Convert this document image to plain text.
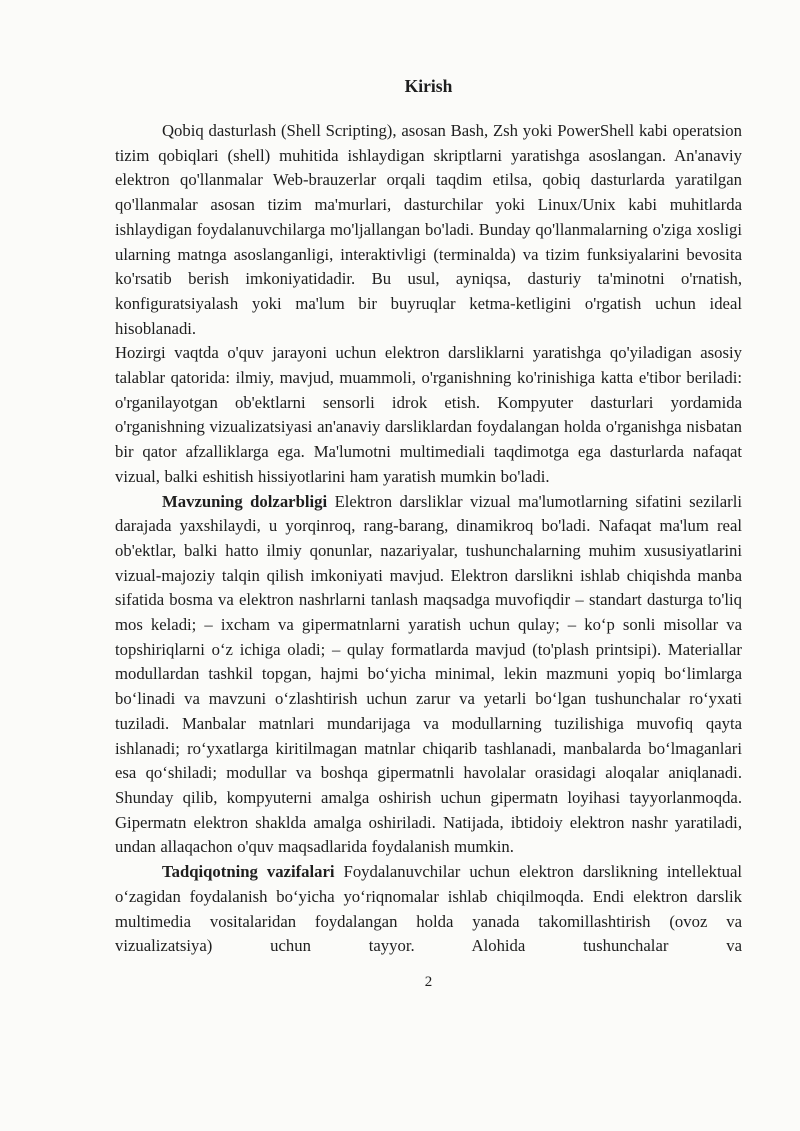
Kirish

Qobiq dasturlash (Shell Scripting), asosan Bash, Zsh yoki PowerShell kabi operatsion tizim qobiqlari (shell) muhitida ishlaydigan skriptlarni yaratishga asoslangan. An'anaviy elektron qo'llanmalar Web-brauzerlar orqali taqdim etilsa, qobiq dasturlarda yaratilgan qo'llanmalar asosan tizim ma'murlari, dasturchilar yoki Linux/Unix kabi muhitlarda ishlaydigan foydalanuvchilarga mo'ljallangan bo'ladi. Bunday qo'llanmalarning o'ziga xosligi ularning matnga asoslanganligi, interaktivligi (terminalda) va tizim funksiyalarini bevosita ko'rsatib berish imkoniyatidadir. Bu usul, ayniqsa, dasturiy ta'minotni o'rnatish, konfiguratsiyalash yoki ma'lum bir buyruqlar ketma-ketligini o'rgatish uchun ideal hisoblanadi.

Hozirgi vaqtda o'quv jarayoni uchun elektron darsliklarni yaratishga qo'yiladigan asosiy talablar qatorida: ilmiy, mavjud, muammoli, o'rganishning ko'rinishiga katta e'tibor beriladi: o'rganilayotgan ob'ektlarni sensorli idrok etish. Kompyuter dasturlari yordamida o'rganishning vizualizatsiyasi an'anaviy darsliklardan foydalangan holda o'rganishga nisbatan bir qator afzalliklarga ega. Ma'lumotni multimediali taqdimotga ega dasturlarda nafaqat vizual, balki eshitish hissiyotlarini ham yaratish mumkin bo'ladi.

Mavzuning dolzarbligi Elektron darsliklar vizual ma'lumotlarning sifatini sezilarli darajada yaxshilaydi, u yorqinroq, rang-barang, dinamikroq bo'ladi. Nafaqat ma'lum real ob'ektlar, balki hatto ilmiy qonunlar, nazariyalar, tushunchalarning muhim xususiyatlarini vizual-majoziy talqin qilish imkoniyati mavjud. Elektron darslikni ishlab chiqishda manba sifatida bosma va elektron nashrlarni tanlash maqsadga muvofiqdir – standart dasturga to'liq mos keladi; – ixcham va gipermatnlarni yaratish uchun qulay; – ko‘p sonli misollar va topshiriqlarni o‘z ichiga oladi; – qulay formatlarda mavjud (to'plash printsipi). Materiallar modullardan tashkil topgan, hajmi bo‘yicha minimal, lekin mazmuni yopiq bo‘limlarga bo‘linadi va mavzuni o‘zlashtirish uchun zarur va yetarli bo‘lgan tushunchalar ro‘yxati tuziladi. Manbalar matnlari mundarijaga va modullarning tuzilishiga muvofiq qayta ishlanadi; ro‘yxatlarga kiritilmagan matnlar chiqarib tashlanadi, manbalarda bo‘lmaganlari esa qo‘shiladi; modullar va boshqa gipermatnli havolalar orasidagi aloqalar aniqlanadi. Shunday qilib, kompyuterni amalga oshirish uchun gipermatn loyihasi tayyorlanmoqda. Gipermatn elektron shaklda amalga oshiriladi. Natijada, ibtidoiy elektron nashr yaratiladi, undan allaqachon o'quv maqsadlarida foydalanish mumkin.

Tadqiqotning vazifalari Foydalanuvchilar uchun elektron darslikning intellektual o‘zagidan foydalanish bo‘yicha yo‘riqnomalar ishlab chiqilmoqda. Endi elektron darslik multimedia vositalaridan foydalangan holda yanada takomillashtirish (ovoz va vizualizatsiya) uchun tayyor. Alohida tushunchalar va

2
